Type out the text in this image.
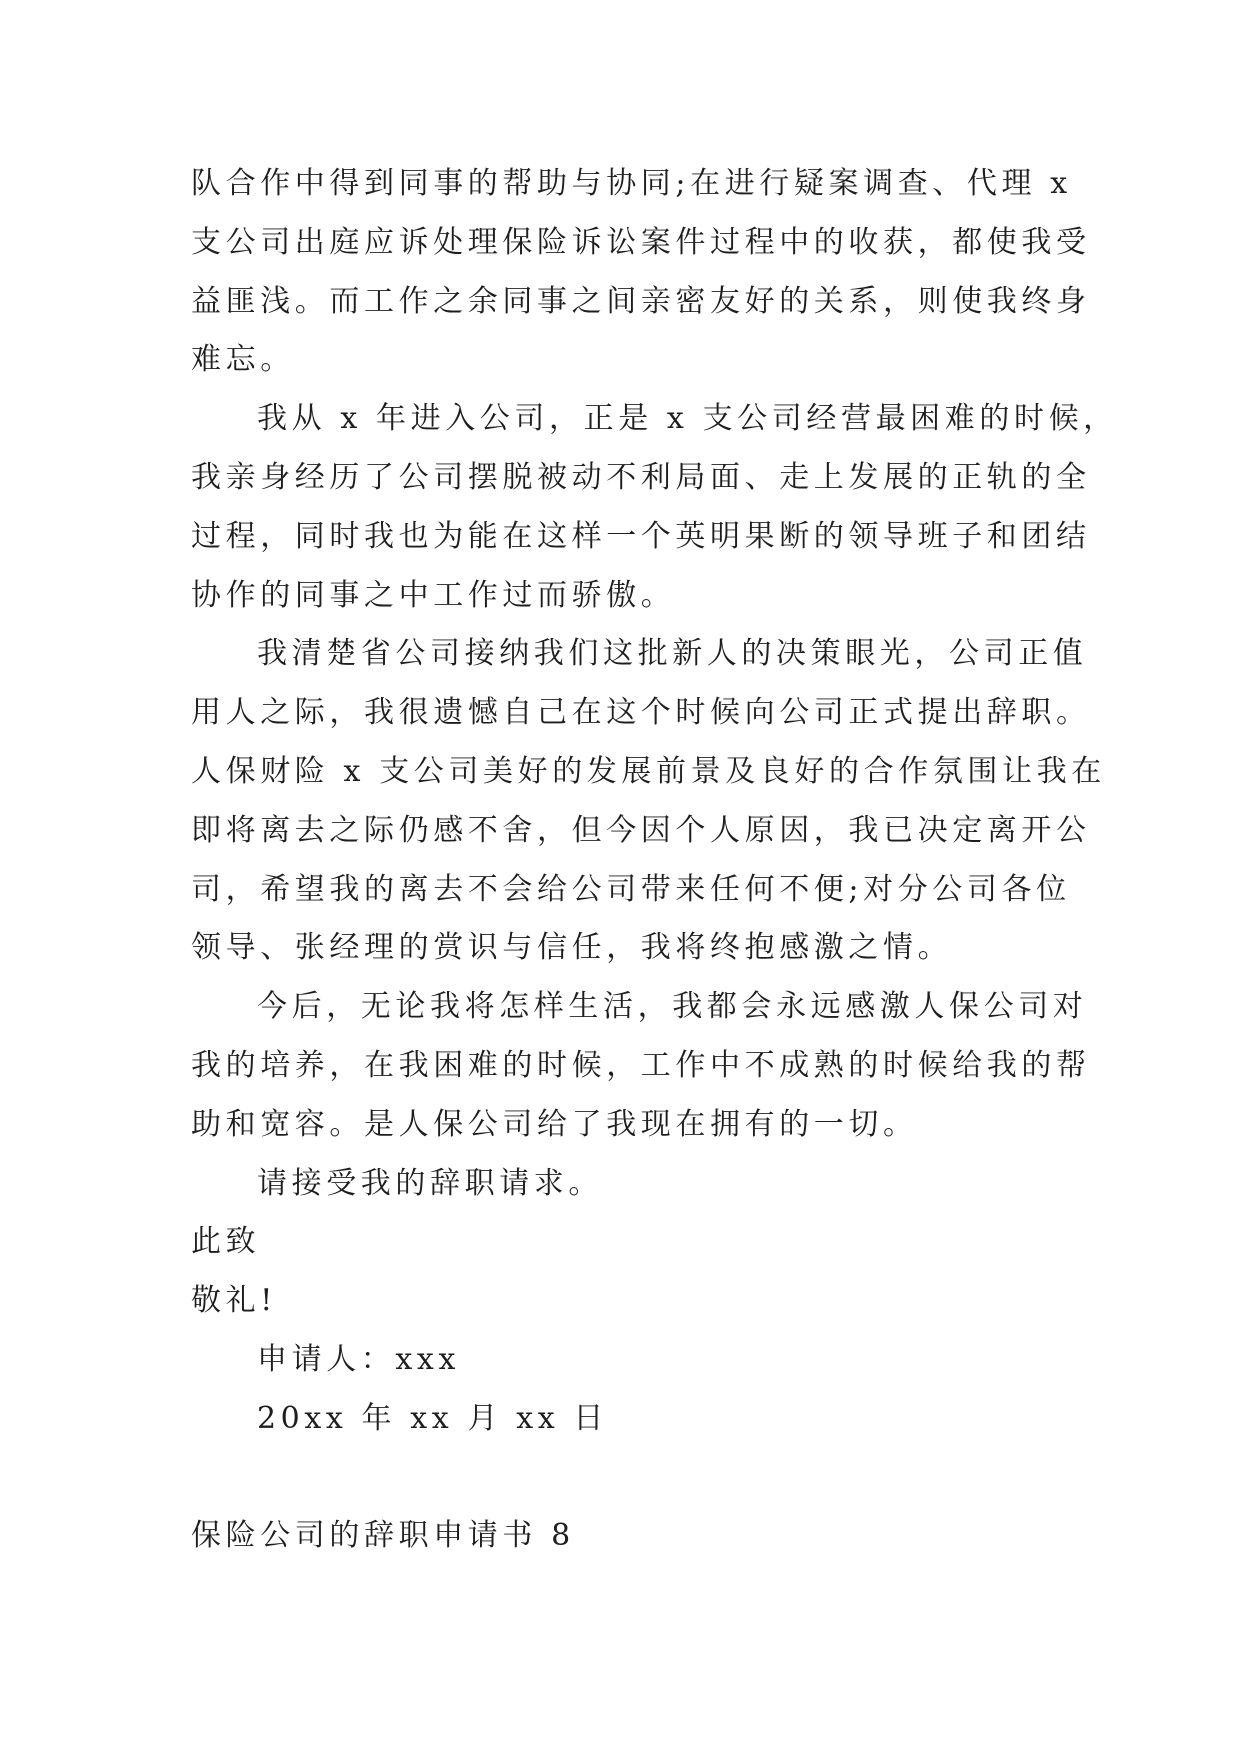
队合作中得到同事的帮助与协同;在进行疑案调查、代理 x
支公司出庭应诉处理保险诉讼案件过程中的收获，都使我受
益匪浅。而工作之余同事之间亲密友好的关系，则使我终身
难忘。
我从 x 年进入公司，正是 x 支公司经营最困难的时候，
我亲身经历了公司摆脱被动不利局面、走上发展的正轨的全
过程，同时我也为能在这样一个英明果断的领导班子和团结
协作的同事之中工作过而骄傲。
我清楚省公司接纳我们这批新人的决策眼光，公司正值
用人之际，我很遗憾自己在这个时候向公司正式提出辞职。
人保财险 x 支公司美好的发展前景及良好的合作氛围让我在
即将离去之际仍感不舍，但今因个人原因，我已决定离开公
司，希望我的离去不会给公司带来任何不便;对分公司各位
领导、张经理的赏识与信任，我将终抱感激之情。
今后，无论我将怎样生活，我都会永远感激人保公司对
我的培养，在我困难的时候，工作中不成熟的时候给我的帮
助和宽容。是人保公司给了我现在拥有的一切。
请接受我的辞职请求。
此致
敬礼!
申请人：xxx
20xx 年 xx 月 xx 日
保险公司的辞职申请书 8
